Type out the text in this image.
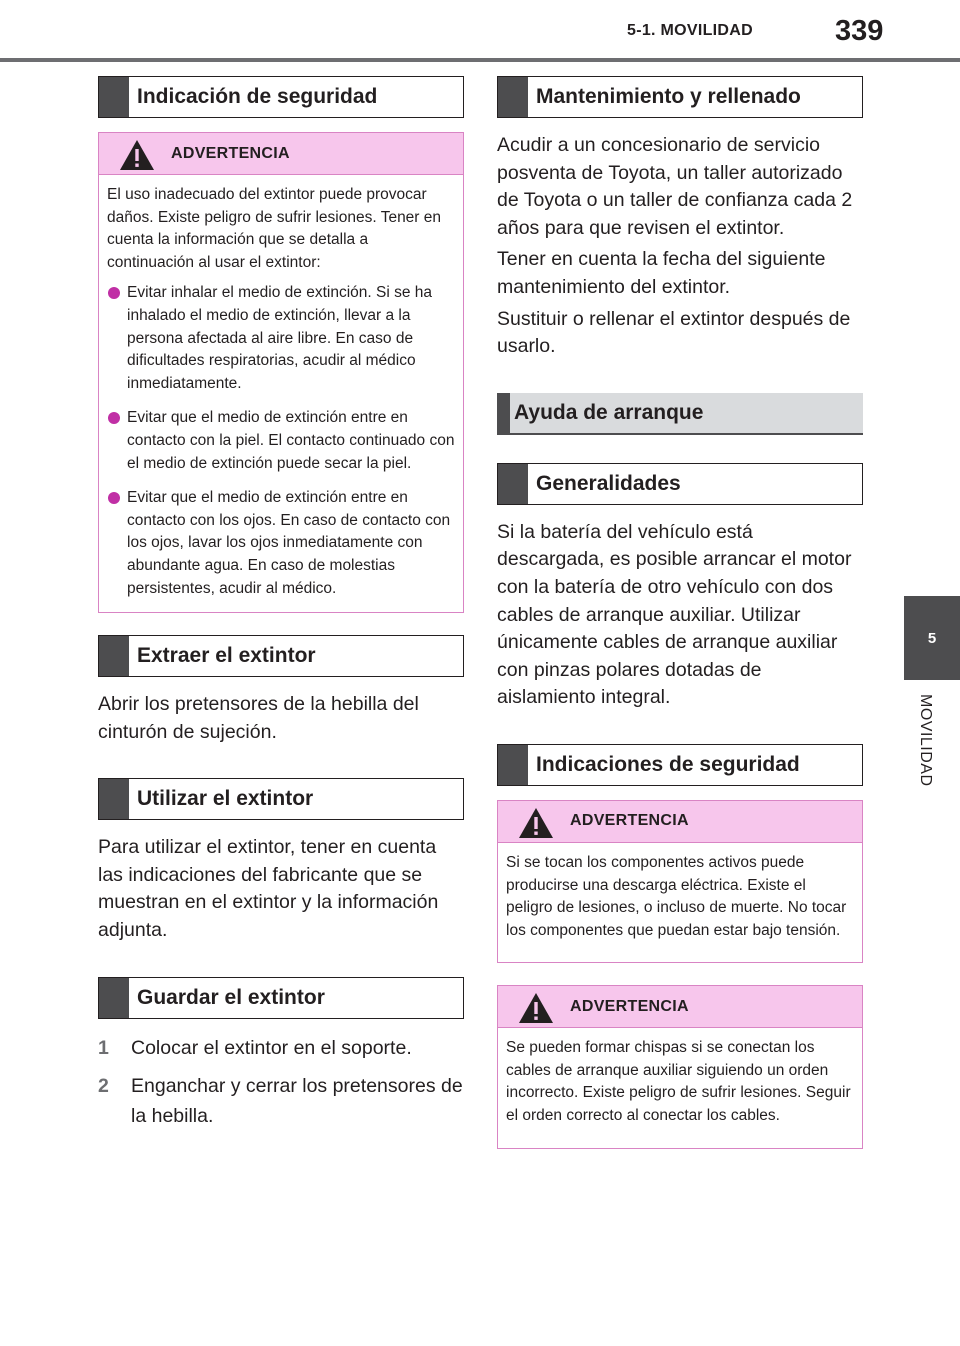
5-1. MOVILIDAD	339
5
MOVILIDAD
Indicación de seguridad
ADVERTENCIA

El uso inadecuado del extintor puede provocar daños. Existe peligro de sufrir lesiones. Tener en cuenta la información que se detalla a continuación al usar el extintor:

Evitar inhalar el medio de extinción. Si se ha inhalado el medio de extinción, llevar a la persona afectada al aire libre. En caso de dificultades respiratorias, acudir al médico inmediatamente.
Evitar que el medio de extinción entre en contacto con la piel. El contacto continuado con el medio de extinción puede secar la piel.
Evitar que el medio de extinción entre en contacto con los ojos. En caso de contacto con los ojos, lavar los ojos inmediatamente con abundante agua. En caso de molestias persistentes, acudir al médico.
Extraer el extintor

Abrir los pretensores de la hebilla del cinturón de sujeción.

Utilizar el extintor

Para utilizar el extintor, tener en cuenta las indicaciones del fabricante que se muestran en el extintor y la información adjunta.

Guardar el extintor
1 Colocar el extintor en el soporte.
2 Enganchar y cerrar los pretensores de la hebilla.
Mantenimiento y rellenado

Acudir a un concesionario de servicio posventa de Toyota, un taller autorizado de Toyota o un taller de confianza cada 2 años para que revisen el extintor.

Tener en cuenta la fecha del siguiente mantenimiento del extintor.

Sustituir o rellenar el extintor después de usarlo.

Ayuda de arranque
Generalidades

Si la batería del vehículo está descargada, es posible arrancar el motor con la batería de otro vehículo con dos cables de arranque auxiliar. Utilizar únicamente cables de arranque auxiliar con pinzas polares dotadas de aislamiento integral.

Indicaciones de seguridad
ADVERTENCIA

Si se tocan los componentes activos puede producirse una descarga eléctrica. Existe el peligro de lesiones, o incluso de muerte. No tocar los componentes que puedan estar bajo tensión.

ADVERTENCIA

Se pueden formar chispas si se conectan los cables de arranque auxiliar siguiendo un orden incorrecto. Existe peligro de sufrir lesiones. Seguir el orden correcto al conectar los cables.
